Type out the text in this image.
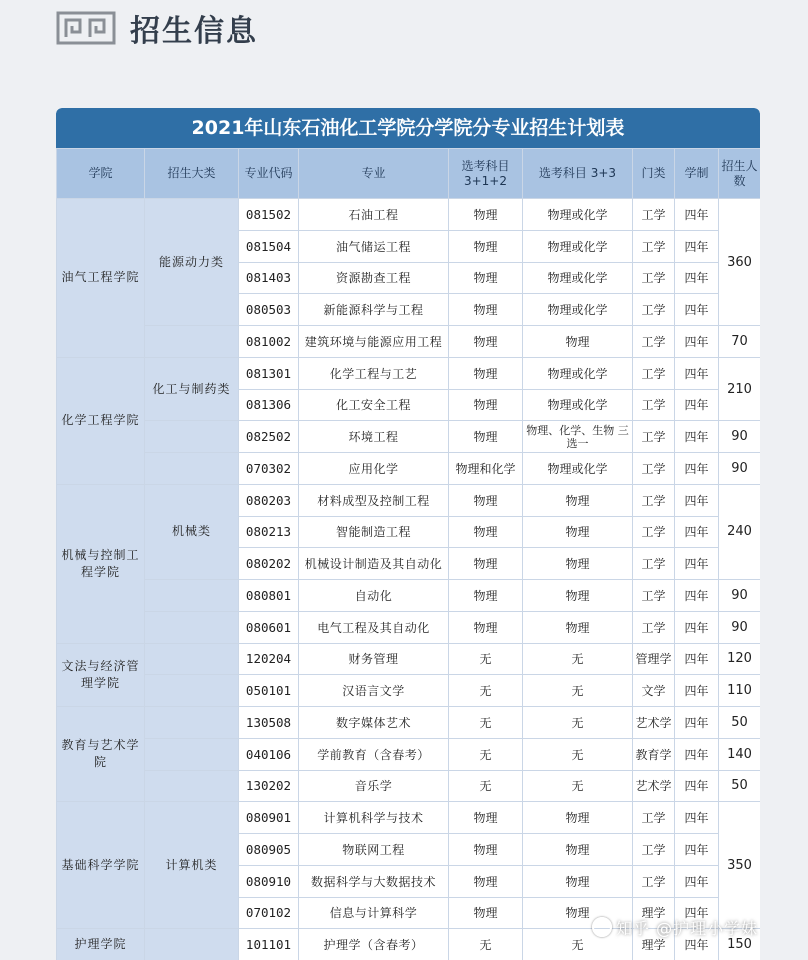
招生信息
2021年山东石油化工学院分学院分专业招生计划表
学院	招生大类	专业代码	专业	选考科目 3+1+2	选考科目 3+3	门类	学制	招生人数
油气工程学院	能源动力类	081502	石油工程	物理	物理或化学	工学	四年	360
		081504	油气储运工程	物理	物理或化学	工学	四年	
		081403	资源勘查工程	物理	物理或化学	工学	四年	
		080503	新能源科学与工程	物理	物理或化学	工学	四年	
		081002	建筑环境与能源应用工程	物理	物理	工学	四年	70
化学工程学院	化工与制药类	081301	化学工程与工艺	物理	物理或化学	工学	四年	210
		081306	化工安全工程	物理	物理或化学	工学	四年	
		082502	环境工程	物理	物理、化学、生物 三选一	工学	四年	90
		070302	应用化学	物理和化学	物理或化学	工学	四年	90
机械与控制工程学院	机械类	080203	材料成型及控制工程	物理	物理	工学	四年	240
		080213	智能制造工程	物理	物理	工学	四年	
		080202	机械设计制造及其自动化	物理	物理	工学	四年	
		080801	自动化	物理	物理	工学	四年	90
		080601	电气工程及其自动化	物理	物理	工学	四年	90
文法与经济管理学院		120204	财务管理	无	无	管理学	四年	120
		050101	汉语言文学	无	无	文学	四年	110
教育与艺术学院		130508	数字媒体艺术	无	无	艺术学	四年	50
		040106	学前教育（含春考）	无	无	教育学	四年	140
		130202	音乐学	无	无	艺术学	四年	50
基础科学学院	计算机类	080901	计算机科学与技术	物理	物理	工学	四年	350
		080905	物联网工程	物理	物理	工学	四年	
		080910	数据科学与大数据技术	物理	物理	工学	四年	
		070102	信息与计算科学	物理	物理	理学	四年	
护理学院		101101	护理学（含春考）	无	无	理学	四年	150
知乎 @护理小学妹
